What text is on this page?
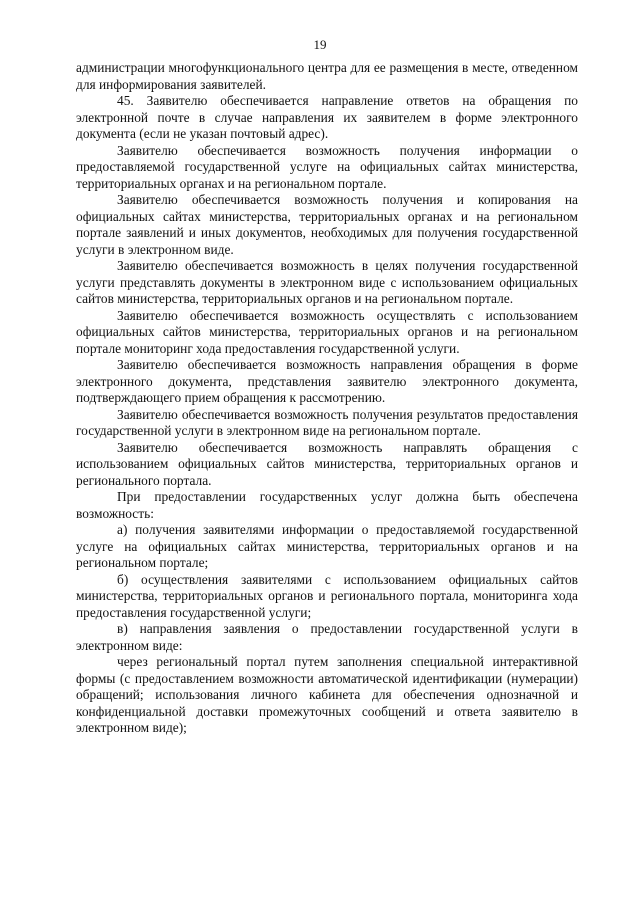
19

администрации многофункционального центра для ее размещения в месте, отведенном для информирования заявителей.

45. Заявителю обеспечивается направление ответов на обращения по электронной почте в случае направления их заявителем в форме электронного документа (если не указан почтовый адрес).

Заявителю обеспечивается возможность получения информации о предоставляемой государственной услуге на официальных сайтах министерства, территориальных органах и на региональном портале.

Заявителю обеспечивается возможность получения и копирования на официальных сайтах министерства, территориальных органах и на региональном портале заявлений и иных документов, необходимых для получения государственной услуги в электронном виде.

Заявителю обеспечивается возможность в целях получения государственной услуги представлять документы в электронном виде с использованием официальных сайтов министерства, территориальных органов и на региональном портале.

Заявителю обеспечивается возможность осуществлять с использованием официальных сайтов министерства, территориальных органов и на региональном портале мониторинг хода предоставления государственной услуги.

Заявителю обеспечивается возможность направления обращения в форме электронного документа, представления заявителю электронного документа, подтверждающего прием обращения к рассмотрению.

Заявителю обеспечивается возможность получения результатов предоставления государственной услуги в электронном виде на региональном портале.

Заявителю обеспечивается возможность направлять обращения с использованием официальных сайтов министерства, территориальных органов и регионального портала.

При предоставлении государственных услуг должна быть обеспечена возможность:

а) получения заявителями информации о предоставляемой государственной услуге на официальных сайтах министерства, территориальных органов и на региональном портале;

б) осуществления заявителями с использованием официальных сайтов министерства, территориальных органов и регионального портала, мониторинга хода предоставления государственной услуги;

в) направления заявления о предоставлении государственной услуги в электронном виде:

через региональный портал путем заполнения специальной интерактивной формы (с предоставлением возможности автоматической идентификации (нумерации) обращений; использования личного кабинета для обеспечения однозначной и конфиденциальной доставки промежуточных сообщений и ответа заявителю в электронном виде);
